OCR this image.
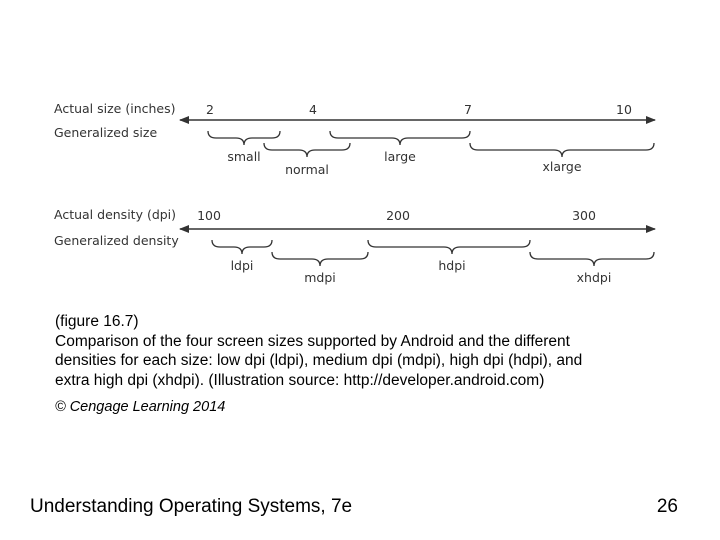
Actual size (inches)
Generalized size
2	4	7	10
small
normal
large
xlarge
Actual density (dpi)
Generalized density
100	200	300
ldpi
mdpi
hdpi
xhdpi
(figure 16.7)
Comparison of the four screen sizes supported by Android and the different
densities for each size: low dpi (ldpi), medium dpi (mdpi), high dpi (hdpi), and
extra high dpi (xhdpi). (Illustration source: http://developer.android.com)
© Cengage Learning 2014
Understanding Operating Systems, 7e	26
